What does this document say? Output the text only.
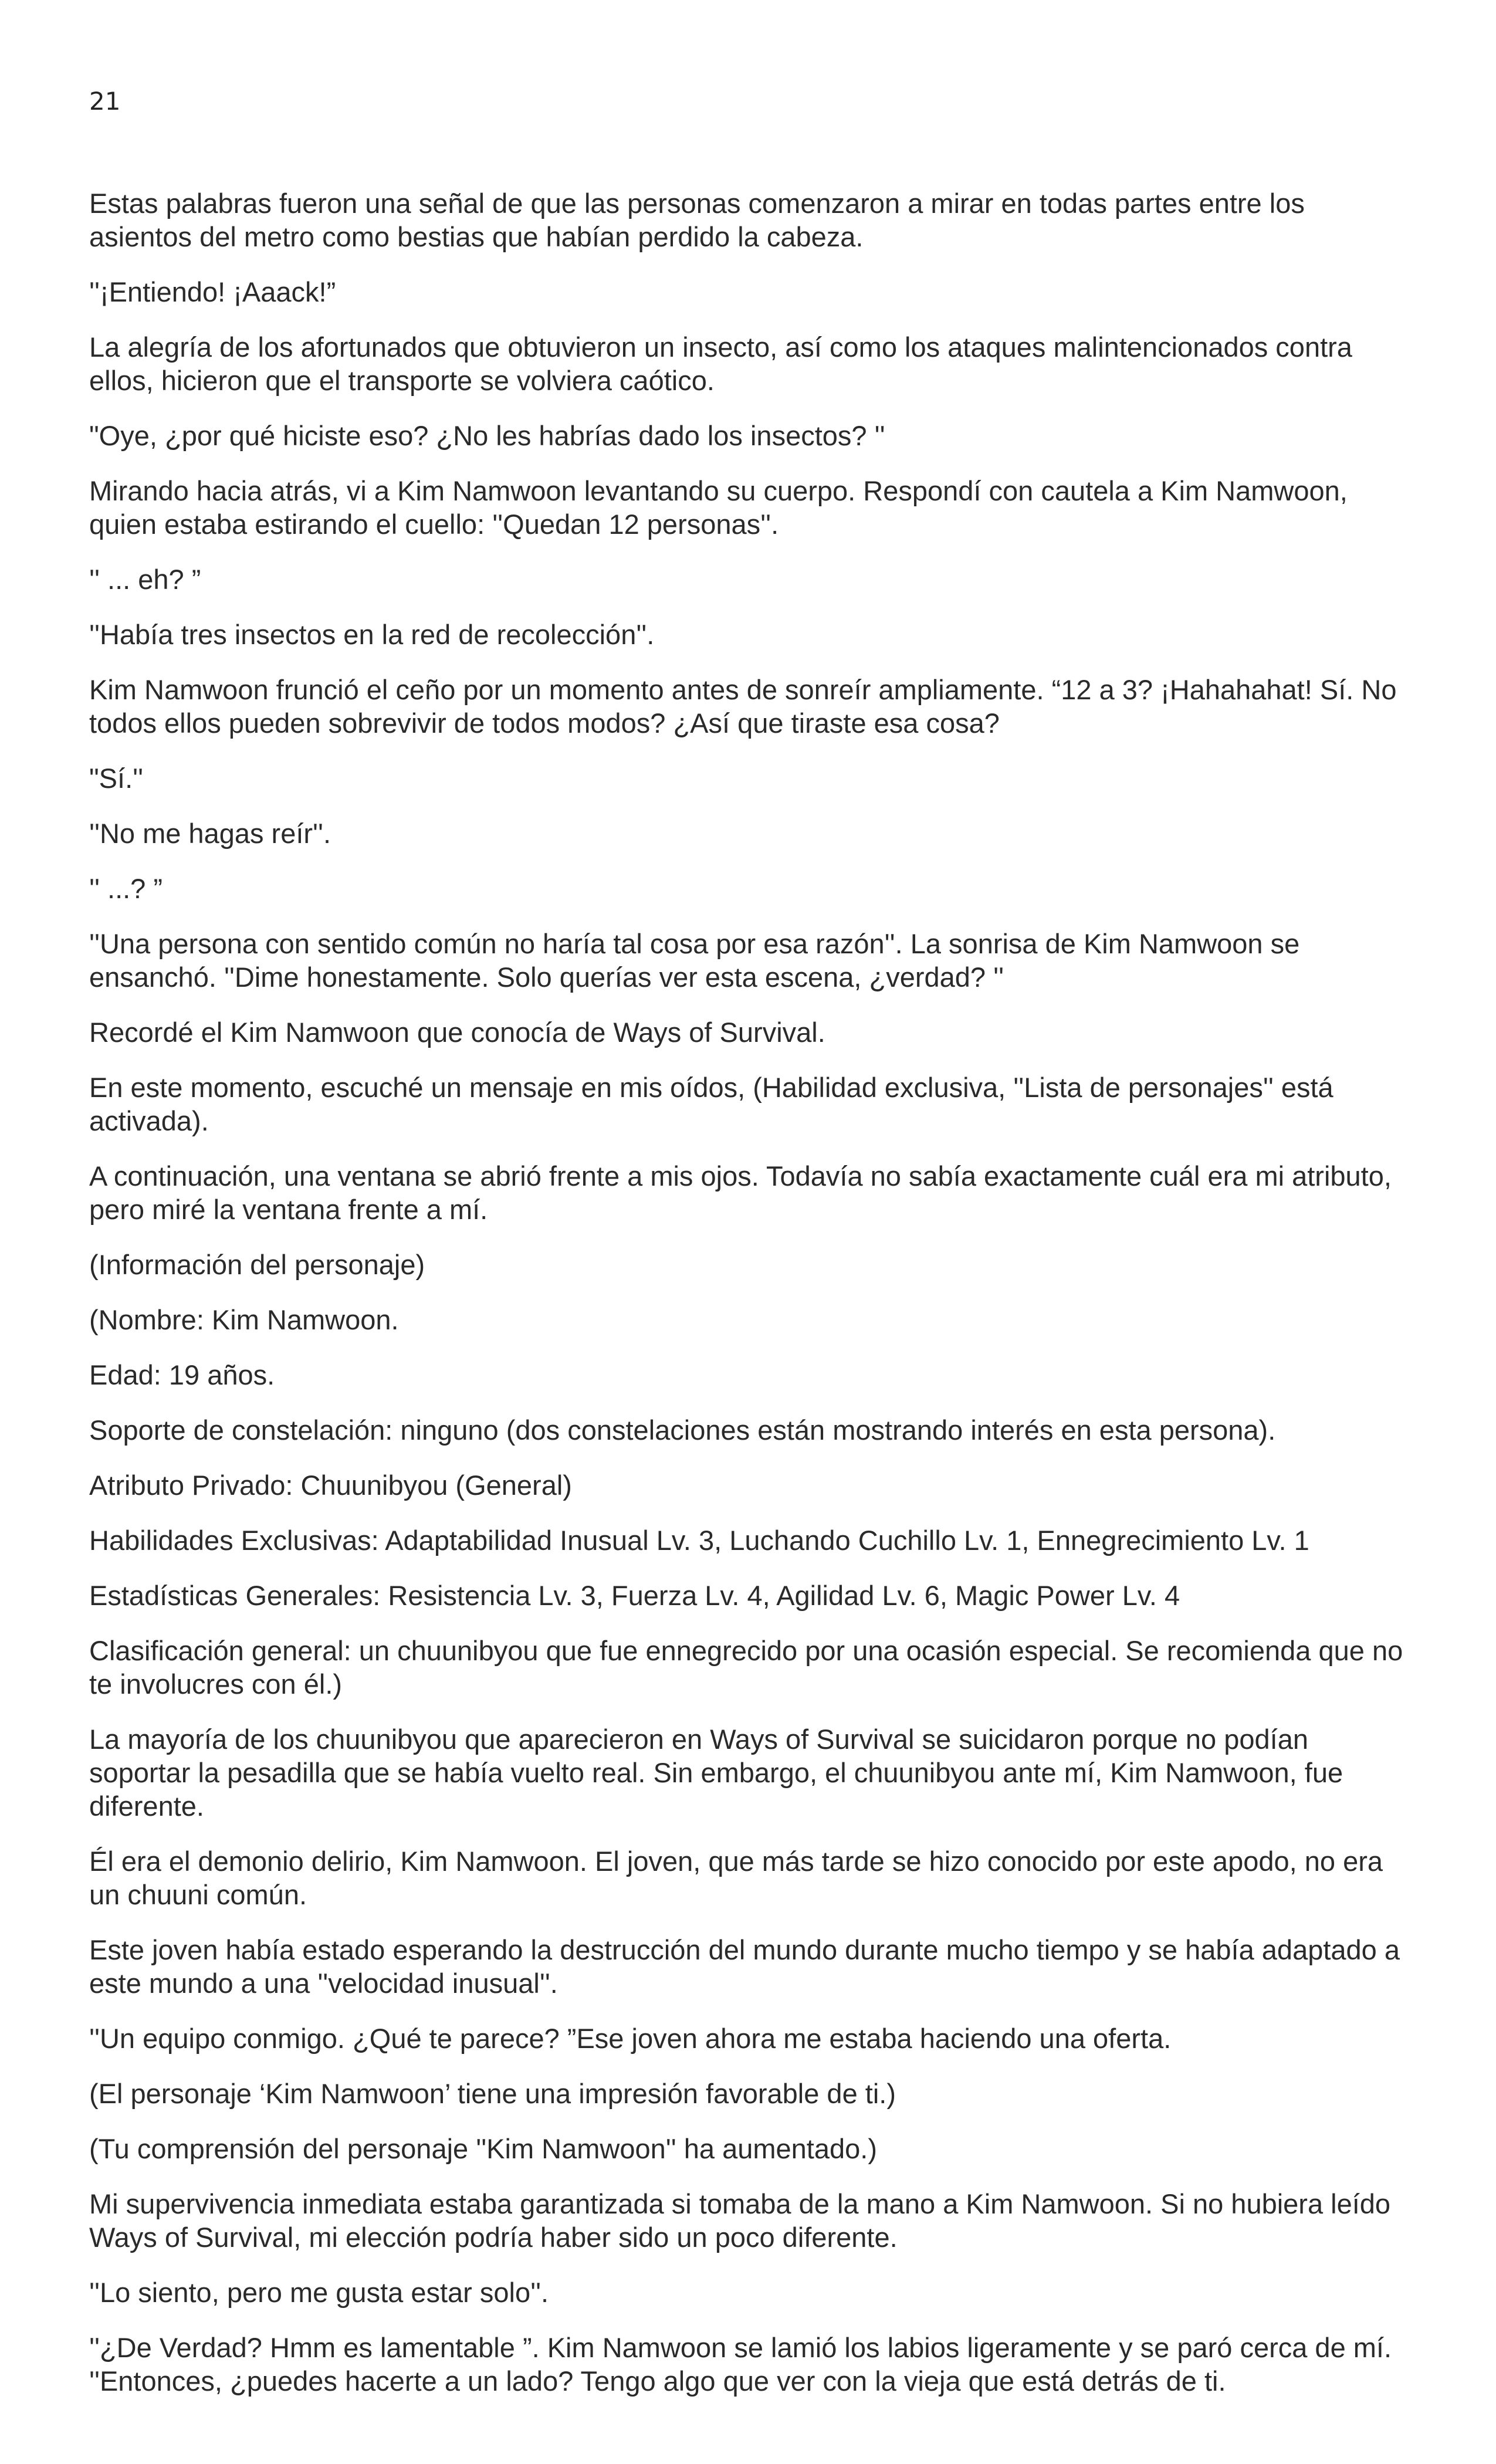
21

Estas palabras fueron una señal de que las personas comenzaron a mirar en todas partes entre los asientos del metro como bestias que habían perdido la cabeza.

''¡Entiendo! ¡Aaack!”

La alegría de los afortunados que obtuvieron un insecto, así como los ataques malintencionados contra ellos, hicieron que el transporte se volviera caótico.

"Oye, ¿por qué hiciste eso? ¿No les habrías dado los insectos? ''

Mirando hacia atrás, vi a Kim Namwoon levantando su cuerpo. Respondí con cautela a Kim Namwoon, quien estaba estirando el cuello: ''Quedan 12 personas''.

'' ... eh? ”

''Había tres insectos en la red de recolección''.

Kim Namwoon frunció el ceño por un momento antes de sonreír ampliamente. “12 a 3? ¡Hahahahat! Sí. No todos ellos pueden sobrevivir de todos modos? ¿Así que tiraste esa cosa?

"Sí.''

''No me hagas reír''.

'' ...? ”

''Una persona con sentido común no haría tal cosa por esa razón''. La sonrisa de Kim Namwoon se ensanchó. ''Dime honestamente. Solo querías ver esta escena, ¿verdad? ''

Recordé el Kim Namwoon que conocía de Ways of Survival.

En este momento, escuché un mensaje en mis oídos, (Habilidad exclusiva, ''Lista de personajes'' está activada).

A continuación, una ventana se abrió frente a mis ojos. Todavía no sabía exactamente cuál era mi atributo, pero miré la ventana frente a mí.

(Información del personaje)

(Nombre: Kim Namwoon.

Edad: 19 años.

Soporte de constelación: ninguno (dos constelaciones están mostrando interés en esta persona).

Atributo Privado: Chuunibyou (General)

Habilidades Exclusivas: Adaptabilidad Inusual Lv. 3, Luchando Cuchillo Lv. 1, Ennegrecimiento Lv. 1

Estadísticas Generales: Resistencia Lv. 3, Fuerza Lv. 4, Agilidad Lv. 6, Magic Power Lv. 4

Clasificación general: un chuunibyou que fue ennegrecido por una ocasión especial. Se recomienda que no te involucres con él.)

La mayoría de los chuunibyou que aparecieron en Ways of Survival se suicidaron porque no podían soportar la pesadilla que se había vuelto real. Sin embargo, el chuunibyou ante mí, Kim Namwoon, fue diferente.

Él era el demonio delirio, Kim Namwoon. El joven, que más tarde se hizo conocido por este apodo, no era un chuuni común.

Este joven había estado esperando la destrucción del mundo durante mucho tiempo y se había adaptado a este mundo a una ''velocidad inusual''.

''Un equipo conmigo. ¿Qué te parece? ”Ese joven ahora me estaba haciendo una oferta.

(El personaje ‘Kim Namwoon’ tiene una impresión favorable de ti.)

(Tu comprensión del personaje ''Kim Namwoon'' ha aumentado.)

Mi supervivencia inmediata estaba garantizada si tomaba de la mano a Kim Namwoon. Si no hubiera leído Ways of Survival, mi elección podría haber sido un poco diferente.

''Lo siento, pero me gusta estar solo''.

''¿De Verdad? Hmm es lamentable ”. Kim Namwoon se lamió los labios ligeramente y se paró cerca de mí. ''Entonces, ¿puedes hacerte a un lado? Tengo algo que ver con la vieja que está detrás de ti.
